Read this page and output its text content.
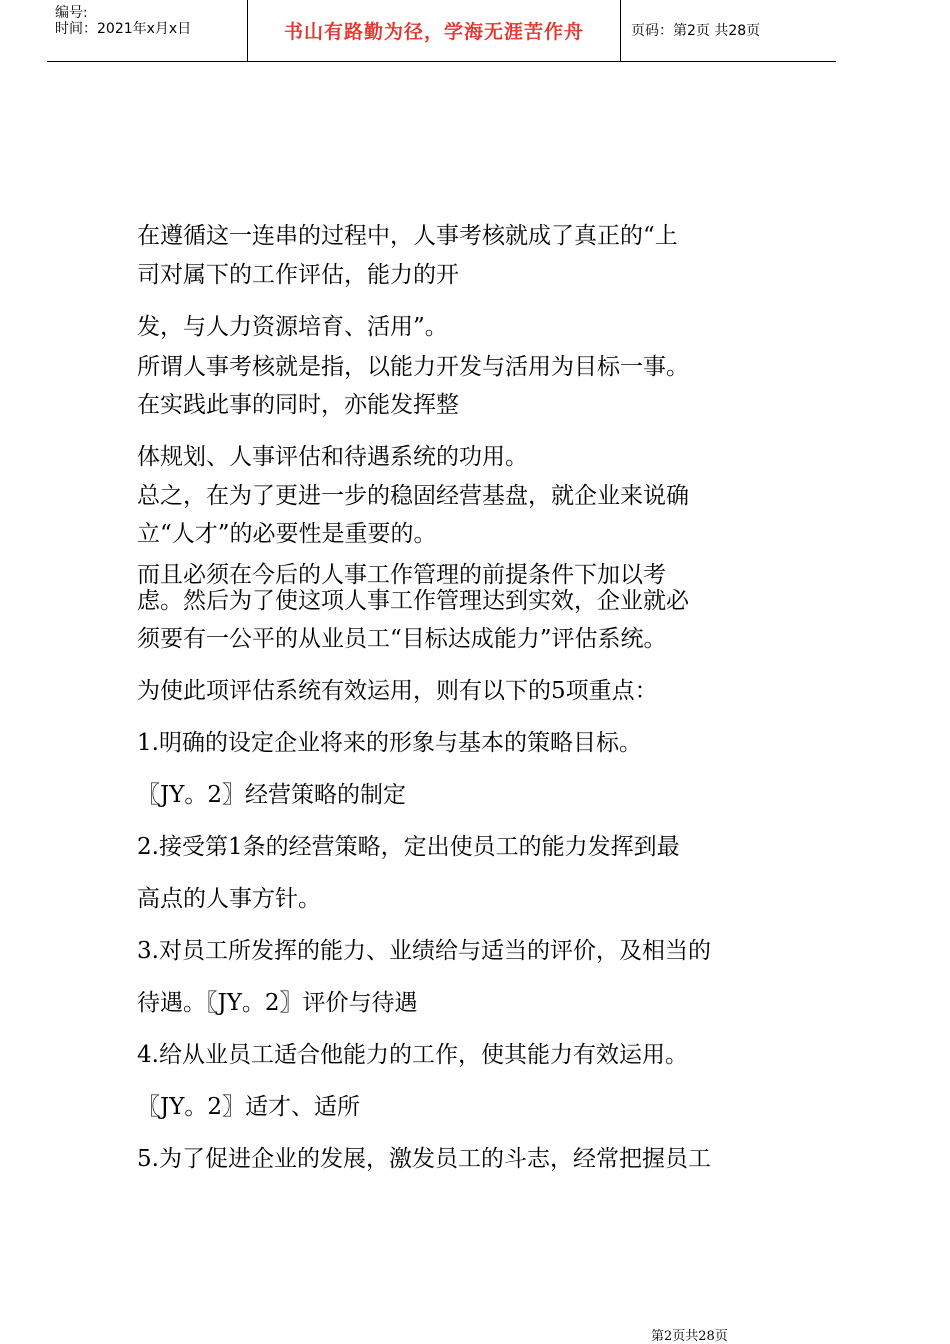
编号:
时间：2021年x月x日	书山有路勤为径，学海无涯苦作舟	页码：第2页 共28页
在遵循这一连串的过程中，人事考核就成了真正的“上
司对属下的工作评估，能力的开
发，与人力资源培育、活用”。
所谓人事考核就是指，以能力开发与活用为目标一事。
在实践此事的同时，亦能发挥整
体规划、人事评估和待遇系统的功用。
总之，在为了更进一步的稳固经营基盘，就企业来说确
立“人才”的必要性是重要的。
而且必须在今后的人事工作管理的前提条件下加以考
虑。然后为了使这项人事工作管理达到实效，企业就必
须要有一公平的从业员工“目标达成能力”评估系统。
为使此项评估系统有效运用，则有以下的5项重点：
1.明确的设定企业将来的形象与基本的策略目标。
〖JY。2〗经营策略的制定
2.接受第1条的经营策略，定出使员工的能力发挥到最
高点的人事方针。
3.对员工所发挥的能力、业绩给与适当的评价，及相当的
待遇。〖JY。2〗评价与待遇
4.给从业员工适合他能力的工作，使其能力有效运用。
〖JY。2〗适才、适所
5.为了促进企业的发展，激发员工的斗志，经常把握员工
第2页共28页
